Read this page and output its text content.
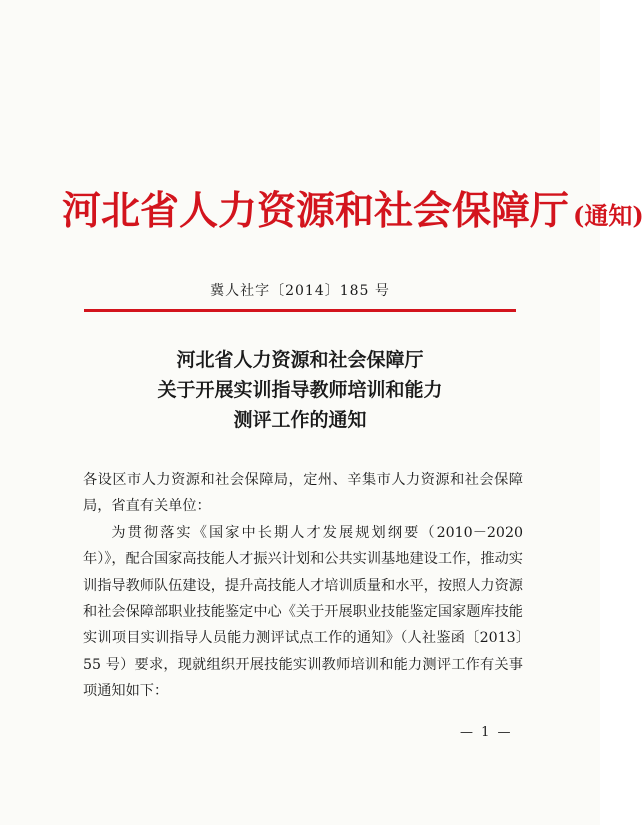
河北省人力资源和社会保障厅 (通知)
冀人社字〔2014〕185 号
河北省人力资源和社会保障厅
关于开展实训指导教师培训和能力
测评工作的通知

各设区市人力资源和社会保障局，定州、辛集市人力资源和社会保障局，省直有关单位：

为贯彻落实《国家中长期人才发展规划纲要（2010－2020年）》，配合国家高技能人才振兴计划和公共实训基地建设工作，推动实训指导教师队伍建设，提升高技能人才培训质量和水平，按照人力资源和社会保障部职业技能鉴定中心《关于开展职业技能鉴定国家题库技能实训项目实训指导人员能力测评试点工作的通知》（人社鉴函〔2013〕55 号）要求，现就组织开展技能实训教师培训和能力测评工作有关事项通知如下：

— 1 —
